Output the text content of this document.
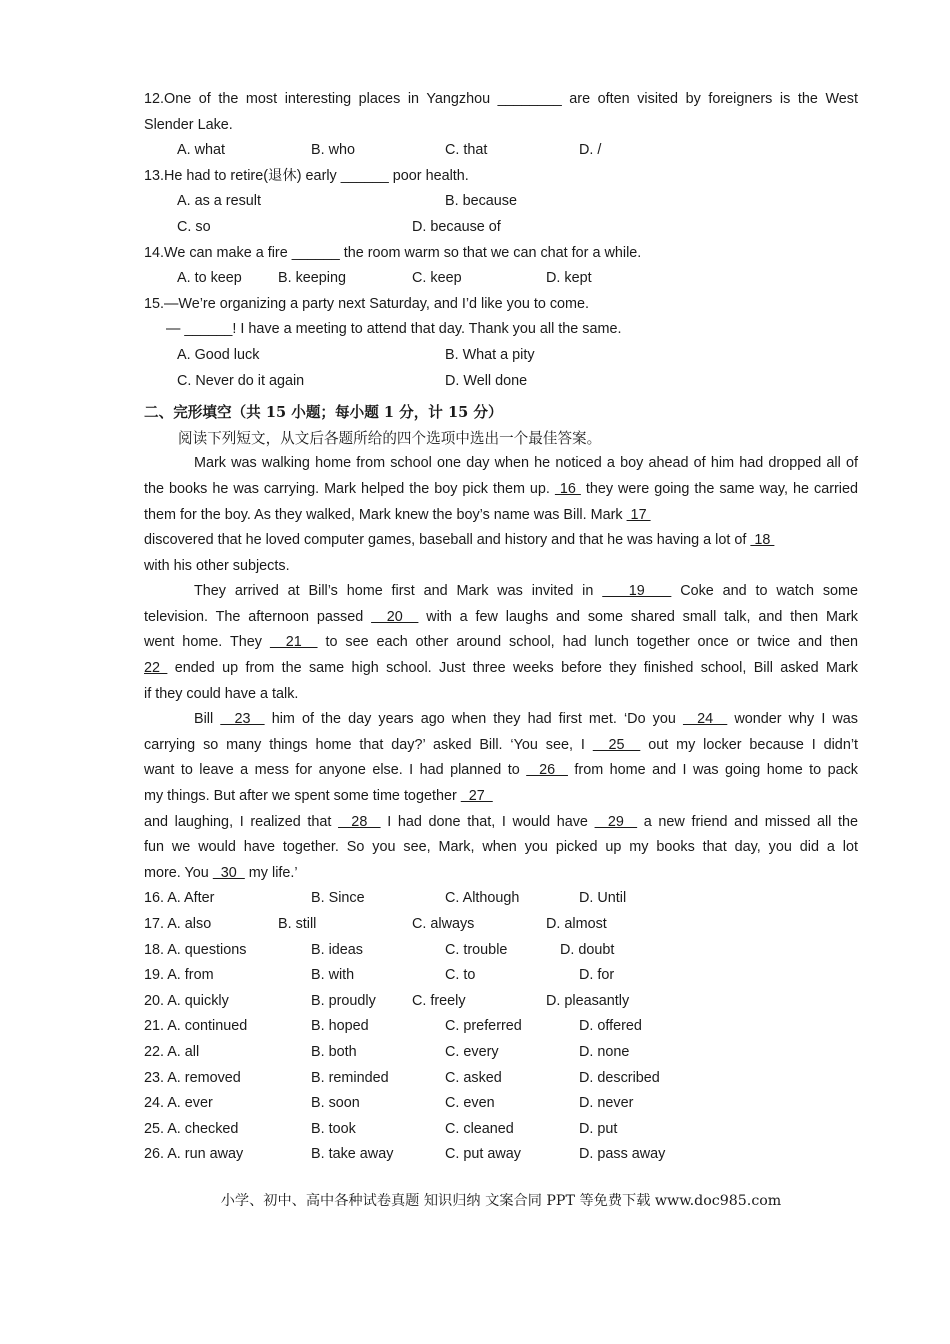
12.One of the most interesting places in Yangzhou ________ are often visited by foreigners is the West
Slender Lake.
A. what	B. who	C. that	D. /
13.He had to retire(退休) early ______ poor health.
A. as a result	B. because
C. so	D. because of
14.We can make a fire ______ the room warm so that we can chat for a while.
A. to keep	B. keeping	C. keep	D. kept
15.—We’re organizing a party next Saturday, and I’d like you to come.
— ______! I have a meeting to attend that day. Thank you all the same.
A. Good luck	B. What a pity
C. Never do it again	D. Well done
二、完形填空（共 15 小题；每小题 1 分，计 15 分）
阅读下列短文，从文后各题所给的四个选项中选出一个最佳答案。
Mark was walking home from school one day when he noticed a boy ahead of him had dropped all of
the books he was carrying. Mark helped the boy pick them up.  16  they were going the same way, he carried
them for the boy. As they walked, Mark knew the boy’s name was Bill. Mark  17
discovered that he loved computer games, baseball and history and that he was having a lot of  18
with his other subjects.
They arrived at Bill’s home first and Mark was invited in    19    Coke and to watch some
television. The afternoon passed   20   with a few laughs and some shared small talk, and then Mark
went home. They   21   to see each other around school, had lunch together once or twice and then
22  ended up from the same high school. Just three weeks before they finished school, Bill asked Mark
if they could have a talk.
Bill   23   him of the day years ago when they had first met. ‘Do you   24   wonder why I was
carrying so many things home that day?’ asked Bill. ‘You see, I   25   out my locker because I didn’t
want to leave a mess for anyone else. I had planned to   26   from home and I was going home to pack
my things. But after we spent some time together   27
and laughing, I realized that   28   I had done that, I would have   29   a new friend and missed all the
fun we would have together. So you see, Mark, when you picked up my books that day, you did a lot
more. You   30   my life.’
16. A. After	B. Since	C. Although	D. Until
17. A. also	B. still	C. always	D. almost
18. A. questions	B. ideas	C. trouble	D. doubt
19. A. from	B. with	C. to	D. for
20. A. quickly	B. proudly	C. freely	D. pleasantly
21. A. continued	B. hoped	C. preferred	D. offered
22. A. all	B. both	C. every	D. none
23. A. removed	B. reminded	C. asked	D. described
24. A. ever	B. soon	C. even	D. never
25. A. checked	B. took	C. cleaned	D. put
26. A. run away	B. take away	C. put away	D. pass away
小学、初中、高中各种试卷真题 知识归纳 文案合同 PPT 等免费下载 www.doc985.com
